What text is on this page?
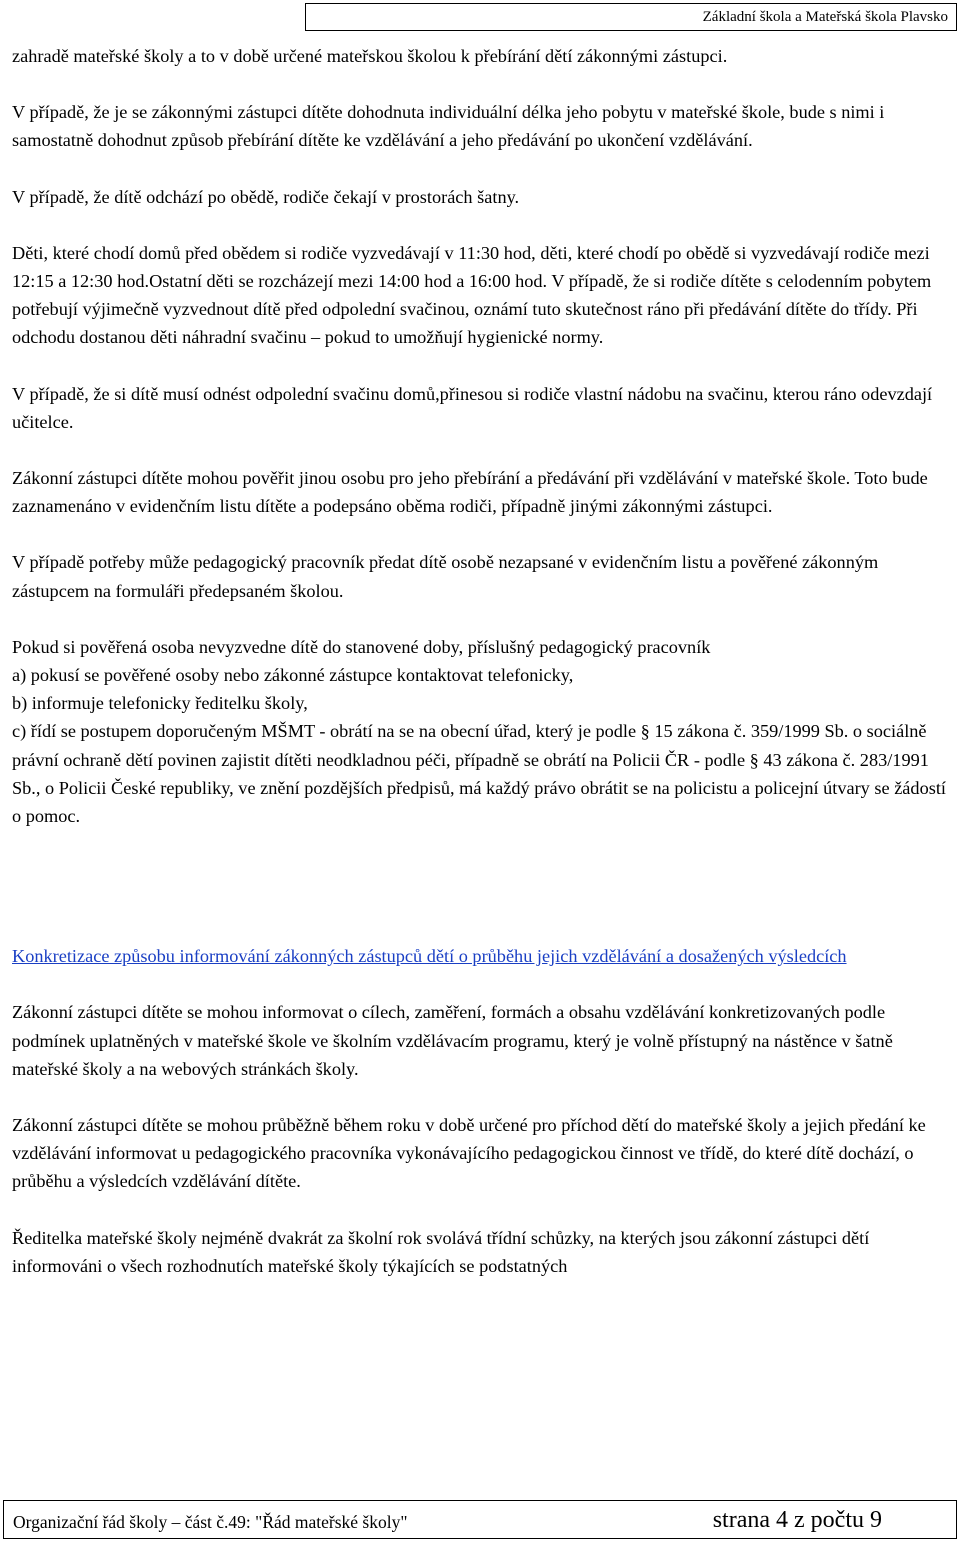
Základní škola a Mateřská škola Plavsko

zahradě mateřské školy a to v době určené mateřskou školou k přebírání dětí zákonnými zástupci.

V případě, že je se zákonnými zástupci dítěte dohodnuta individuální délka jeho pobytu v mateřské škole, bude s nimi i samostatně dohodnut způsob přebírání dítěte ke vzdělávání a jeho předávání po ukončení vzdělávání.

V případě, že dítě odchází po obědě, rodiče čekají v prostorách šatny.

Děti, které chodí domů před obědem si rodiče vyzvedávají v 11:30 hod, děti, které chodí po obědě si vyzvedávají rodiče mezi 12:15 a 12:30 hod.Ostatní děti se rozcházejí mezi 14:00 hod a 16:00 hod. V případě, že si rodiče dítěte s celodenním pobytem potřebují výjimečně vyzvednout dítě před odpolední svačinou, oznámí tuto skutečnost ráno při předávání dítěte do třídy. Při odchodu dostanou děti náhradní svačinu – pokud to umožňují hygienické normy.

V případě, že si dítě musí odnést odpolední svačinu domů,přinesou si rodiče vlastní nádobu na svačinu, kterou ráno odevzdají učitelce.

Zákonní zástupci dítěte mohou pověřit jinou osobu pro jeho přebírání a předávání při vzdělávání v mateřské škole. Toto bude zaznamenáno v evidenčním listu dítěte a podepsáno oběma rodiči, případně jinými zákonnými zástupci.

V případě potřeby může pedagogický pracovník předat dítě osobě nezapsané v evidenčním listu a pověřené zákonným zástupcem na formuláři předepsaném školou.

Pokud si pověřená osoba nevyzvedne dítě do stanovené doby, příslušný pedagogický pracovník

a) pokusí se pověřené osoby nebo zákonné zástupce kontaktovat telefonicky,

b) informuje telefonicky ředitelku školy,

c) řídí se postupem doporučeným MŠMT - obrátí na se na obecní úřad, který je podle § 15 zákona č. 359/1999 Sb. o sociálně právní ochraně dětí povinen zajistit dítěti neodkladnou péči, případně se obrátí na Policii ČR - podle § 43 zákona č. 283/1991 Sb., o Policii České republiky, ve znění pozdějších předpisů, má každý právo obrátit se na policistu a policejní útvary se žádostí o pomoc.

Konkretizace způsobu informování zákonných zástupců dětí o průběhu jejich vzdělávání a dosažených výsledcích

Zákonní zástupci dítěte se mohou informovat o cílech, zaměření, formách a obsahu vzdělávání konkretizovaných podle podmínek uplatněných v mateřské škole ve školním vzdělávacím programu, který je volně přístupný na nástěnce v šatně mateřské školy a na webových stránkách školy.

Zákonní zástupci dítěte se mohou průběžně během roku v době určené pro příchod dětí do mateřské školy a jejich předání ke vzdělávání informovat u pedagogického pracovníka vykonávajícího pedagogickou činnost ve třídě, do které dítě dochází, o průběhu a výsledcích vzdělávání dítěte.

Ředitelka mateřské školy nejméně dvakrát za školní rok svolává třídní schůzky, na kterých jsou zákonní zástupci dětí informováni o všech rozhodnutích mateřské školy týkajících se podstatných

Organizační řád školy – část č.49: "Řád mateřské školy"	strana 4 z počtu 9
